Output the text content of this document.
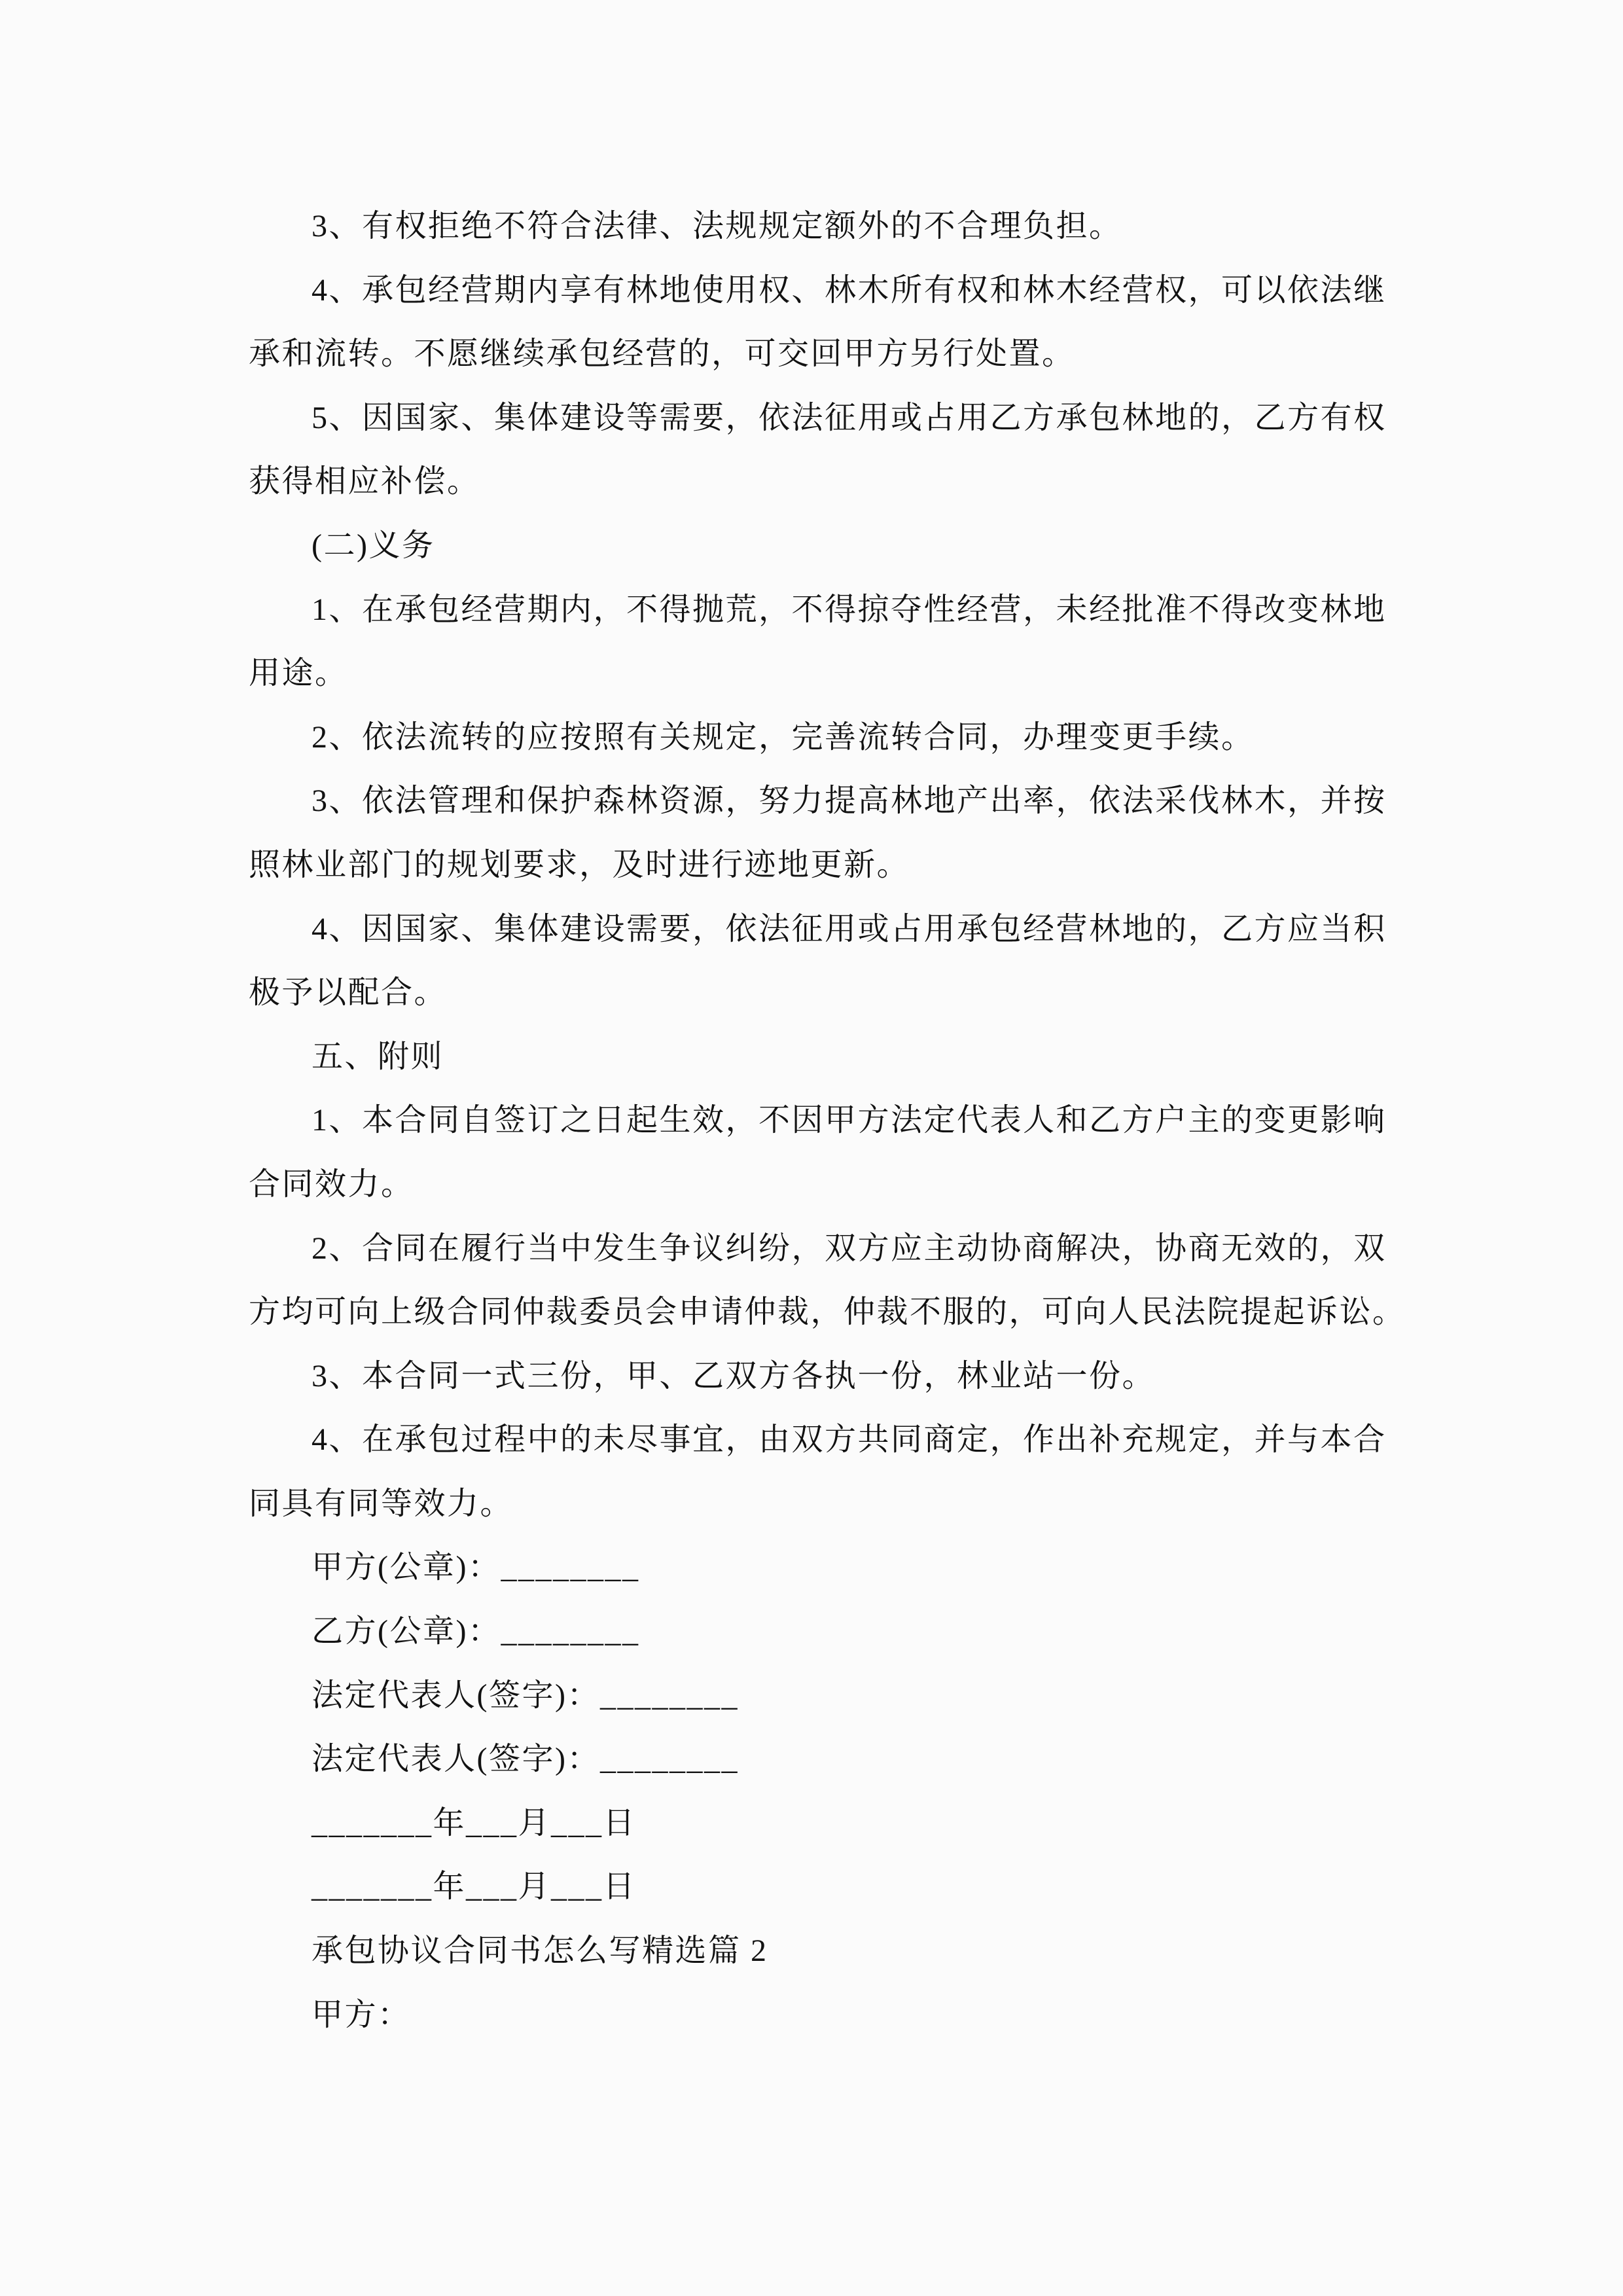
3、有权拒绝不符合法律、法规规定额外的不合理负担。
4、承包经营期内享有林地使用权、林木所有权和林木经营权，可以依法继
承和流转。不愿继续承包经营的，可交回甲方另行处置。
5、因国家、集体建设等需要，依法征用或占用乙方承包林地的，乙方有权
获得相应补偿。
(二)义务
1、在承包经营期内，不得抛荒，不得掠夺性经营，未经批准不得改变林地
用途。
2、依法流转的应按照有关规定，完善流转合同，办理变更手续。
3、依法管理和保护森林资源，努力提高林地产出率，依法采伐林木，并按
照林业部门的规划要求，及时进行迹地更新。
4、因国家、集体建设需要，依法征用或占用承包经营林地的，乙方应当积
极予以配合。
五、附则
1、本合同自签订之日起生效，不因甲方法定代表人和乙方户主的变更影响
合同效力。
2、合同在履行当中发生争议纠纷，双方应主动协商解决，协商无效的，双
方均可向上级合同仲裁委员会申请仲裁，仲裁不服的，可向人民法院提起诉讼。
3、本合同一式三份，甲、乙双方各执一份，林业站一份。
4、在承包过程中的未尽事宜，由双方共同商定，作出补充规定，并与本合
同具有同等效力。
甲方(公章)：________
乙方(公章)：________
法定代表人(签字)：________
法定代表人(签字)：________
_______年___月___日
_______年___月___日
承包协议合同书怎么写精选篇 2
甲方：
